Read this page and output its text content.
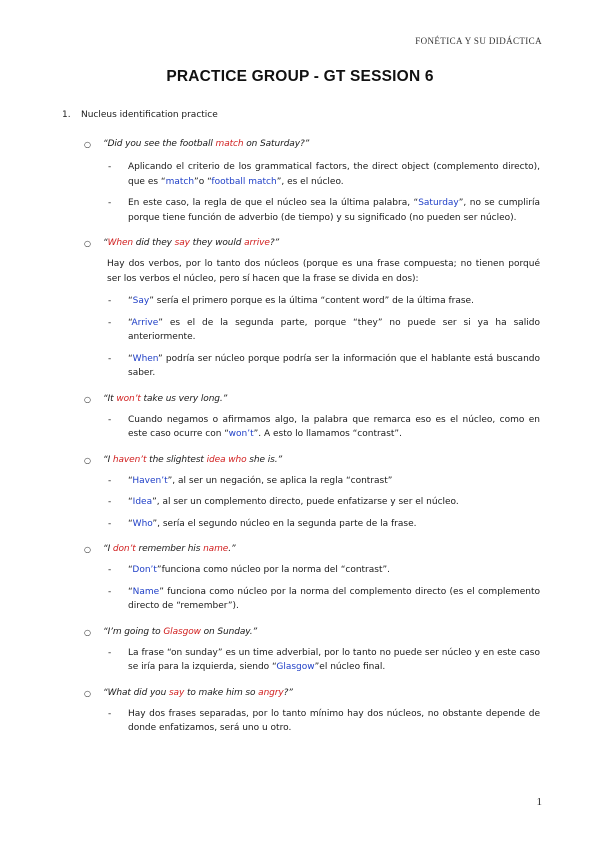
FONÉTICA Y SU DIDÁCTICA
PRACTICE GROUP - GT SESSION 6
1. Nucleus identification practice
○ “Did you see the football match on Saturday?”
- Aplicando el criterio de los grammatical factors, the direct object (complemento directo), que es “match”o “football match”, es el núcleo.
- En este caso, la regla de que el núcleo sea la última palabra, “Saturday”, no se cumpliría porque tiene función de adverbio (de tiempo) y su significado (no pueden ser núcleo).
○ “When did they say they would arrive?”
Hay dos verbos, por lo tanto dos núcleos (porque es una frase compuesta; no tienen porqué ser los verbos el núcleo, pero sí hacen que la frase se divida en dos):
- “Say” sería el primero porque es la última “content word” de la última frase.
- “Arrive” es el de la segunda parte, porque “they” no puede ser si ya ha salido anteriormente.
- “When” podría ser núcleo porque podría ser la información que el hablante está buscando saber.
○ “It won’t take us very long.”
- Cuando negamos o afirmamos algo, la palabra que remarca eso es el núcleo, como en este caso ocurre con “won’t”. A esto lo llamamos “contrast”.
○ “I haven’t the slightest idea who she is.”
- “Haven’t”, al ser un negación, se aplica la regla “contrast”
- “Idea”, al ser un complemento directo, puede enfatizarse y ser el núcleo.
- “Who”, sería el segundo núcleo en la segunda parte de la frase.
○ “I don’t remember his name.”
- “Don’t”funciona como núcleo por la norma del “contrast”.
- “Name” funciona como núcleo por la norma del complemento directo (es el complemento directo de “remember”).
○ “I’m going to Glasgow on Sunday.”
- La frase “on sunday” es un time adverbial, por lo tanto no puede ser núcleo y en este caso se iría para la izquierda, siendo “Glasgow”el núcleo final.
○ “What did you say to make him so angry?”
- Hay dos frases separadas, por lo tanto mínimo hay dos núcleos, no obstante depende de donde enfatizamos, será uno u otro.
1
